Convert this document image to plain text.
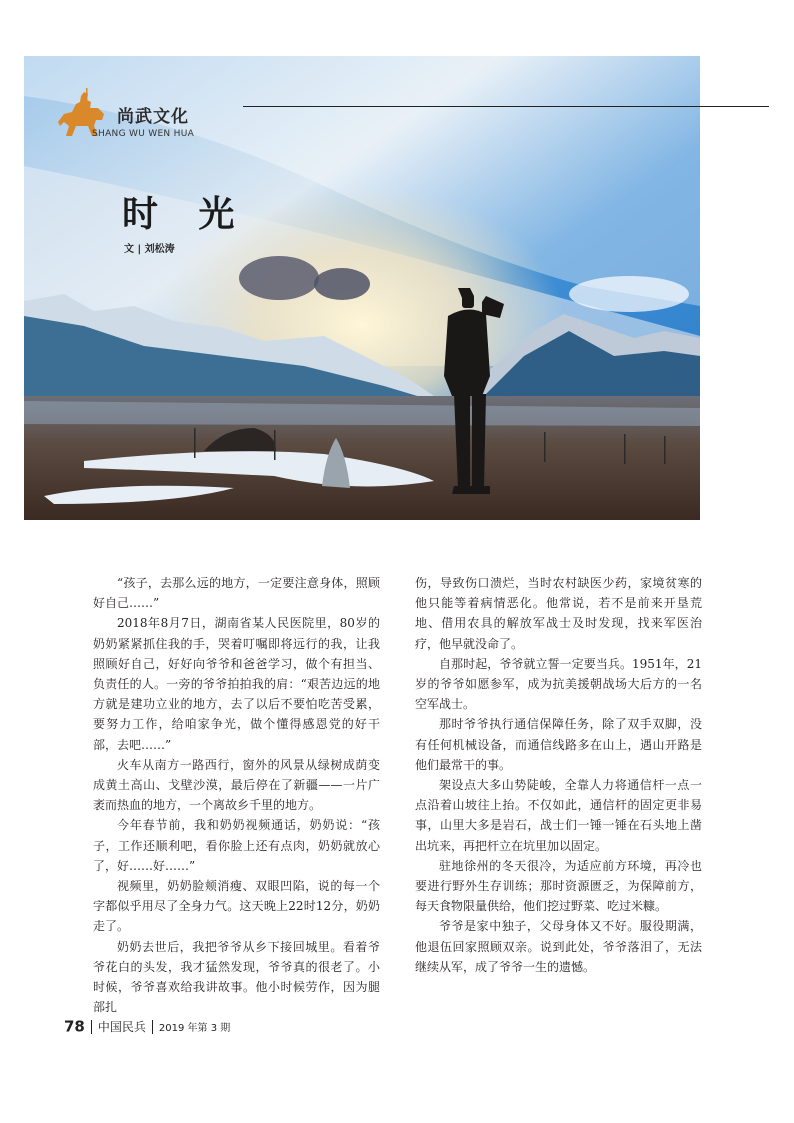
尚武文化
SHANG WU WEN HUA
时 光
文 | 刘松涛

“孩子，去那么远的地方，一定要注意身体，照顾好自己……”

2018年8月7日，湖南省某人民医院里，80岁的奶奶紧紧抓住我的手，哭着叮嘱即将远行的我，让我照顾好自己，好好向爷爷和爸爸学习，做个有担当、负责任的人。一旁的爷爷拍拍我的肩：“艰苦边远的地方就是建功立业的地方，去了以后不要怕吃苦受累，要努力工作，给咱家争光，做个懂得感恩党的好干部，去吧……”

火车从南方一路西行，窗外的风景从绿树成荫变成黄土高山、戈壁沙漠，最后停在了新疆——一片广袤而热血的地方，一个离故乡千里的地方。

今年春节前，我和奶奶视频通话，奶奶说：“孩子，工作还顺利吧，看你脸上还有点肉，奶奶就放心了，好……好……”

视频里，奶奶脸颊消瘦、双眼凹陷，说的每一个字都似乎用尽了全身力气。这天晚上22时12分，奶奶走了。

奶奶去世后，我把爷爷从乡下接回城里。看着爷爷花白的头发，我才猛然发现，爷爷真的很老了。小时候，爷爷喜欢给我讲故事。他小时候劳作，因为腿部扎

伤，导致伤口溃烂，当时农村缺医少药，家境贫寒的他只能等着病情恶化。他常说，若不是前来开垦荒地、借用农具的解放军战士及时发现，找来军医治疗，他早就没命了。

自那时起，爷爷就立誓一定要当兵。1951年，21岁的爷爷如愿参军，成为抗美援朝战场大后方的一名空军战士。

那时爷爷执行通信保障任务，除了双手双脚，没有任何机械设备，而通信线路多在山上，遇山开路是他们最常干的事。

架设点大多山势陡峻，全靠人力将通信杆一点一点沿着山坡往上抬。不仅如此，通信杆的固定更非易事，山里大多是岩石，战士们一锤一锤在石头地上凿出坑来，再把杆立在坑里加以固定。

驻地徐州的冬天很冷，为适应前方环境，再冷也要进行野外生存训练；那时资源匮乏，为保障前方，每天食物限量供给，他们挖过野菜、吃过米糠。

爷爷是家中独子，父母身体又不好。服役期满，他退伍回家照顾双亲。说到此处，爷爷落泪了，无法继续从军，成了爷爷一生的遗憾。

78 中国民兵 2019 年第 3 期
